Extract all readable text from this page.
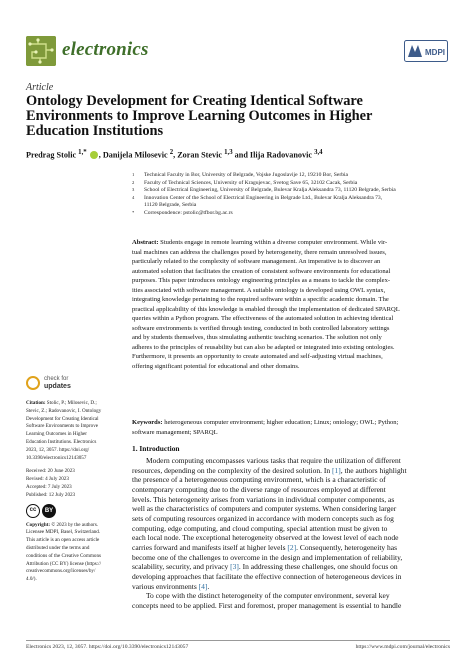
electronics	MDPI
Article
Ontology Development for Creating Identical Software
Environments to Improve Learning Outcomes in Higher
Education Institutions
Predrag Stolic $^{1,*}$ , Danijela Milosevic $^2$, Zoran Stevic $^{1,3}$ and Ilija Radovanovic $^{3,4}$
1 Technical Faculty in Bor, University of Belgrade, Vojske Jugoslavije 12, 19210 Bor, Serbia
2 Faculty of Technical Sciences, University of Kragujevac, Svetog Save 65, 32102 Cacak, Serbia
3 School of Electrical Engineering, University of Belgrade, Bulevar Kralja Aleksandra 73, 11120 Belgrade, Serbia
4 Innovation Center of the School of Electrical Engineering in Belgrade Ltd., Bulevar Kralja Aleksandra 73,
11120 Belgrade, Serbia
* Correspondence: pstolic@tfbor.bg.ac.rs
Abstract: Students engage in remote learning within a diverse computer environment. While vir-
tual machines can address the challenges posed by heterogeneity, there remain unresolved issues,
particularly related to the complexity of software management. An imperative is to discover an
automated solution that facilitates the creation of consistent software environments for educational
purposes. This paper introduces ontology engineering principles as a means to tackle the complex-
ities associated with software management. A suitable ontology is developed using OWL syntax,
integrating knowledge pertaining to the required software within a specific academic domain. The
practical applicability of this knowledge is enabled through the implementation of dedicated SPARQL
queries within a Python program. The effectiveness of the automated solution in achieving identical
software environments is verified through testing, conducted in both controlled laboratory settings
and by students themselves, thus simulating authentic teaching scenarios. The solution not only
adheres to the principles of reusability but can also be adapted or integrated into existing ontologies.
Furthermore, it presents an opportunity to create automated and self-adjusting virtual machines,
offering significant potential for educational and other domains.
Keywords: heterogeneous computer environment; higher education; Linux; ontology; OWL; Python;
software management; SPARQL
check for
updates
Citation: Stolic, P.; Milosevic, D.;
Stevic, Z.; Radovanovic, I. Ontology
Development for Creating Identical
Software Environments to Improve
Learning Outcomes in Higher
Education Institutions. Electronics
2023, 12, 3057. https://doi.org/
10.3390/electronics12143057
Received: 20 June 2023
Revised: 4 July 2023
Accepted: 7 July 2023
Published: 12 July 2023
cc	BY
Copyright: © 2023 by the authors.
Licensee MDPI, Basel, Switzerland.
This article is an open access article
distributed under the terms and
conditions of the Creative Commons
Attribution (CC BY) license (https://
creativecommons.org/licenses/by/
4.0/).
1. Introduction
Modern computing encompasses various tasks that require the utilization of different
resources, depending on the complexity of the desired solution. In [1], the authors highlight
the presence of a heterogeneous computing environment, which is a characteristic of
contemporary computing due to the diverse range of resources employed at different
levels. This heterogeneity arises from variations in individual computer components, as
well as the characteristics of computers and computer systems. When considering larger
sets of computing resources organized in accordance with modern concepts such as fog
computing, edge computing, and cloud computing, special attention must be given to
each local node. The exceptional heterogeneity observed at the lowest level of each node
carries forward and manifests itself at higher levels [2]. Consequently, heterogeneity has
become one of the challenges to overcome in the design and implementation of reliability,
scalability, security, and privacy [3]. In addressing these challenges, one should focus on
developing approaches that facilitate the effective connection of heterogeneous devices in
various environments [4].
To cope with the distinct heterogeneity of the computer environment, several key
concepts need to be applied. First and foremost, proper management is essential to handle
Electronics 2023, 12, 3057. https://doi.org/10.3390/electronics12143057	https://www.mdpi.com/journal/electronics
